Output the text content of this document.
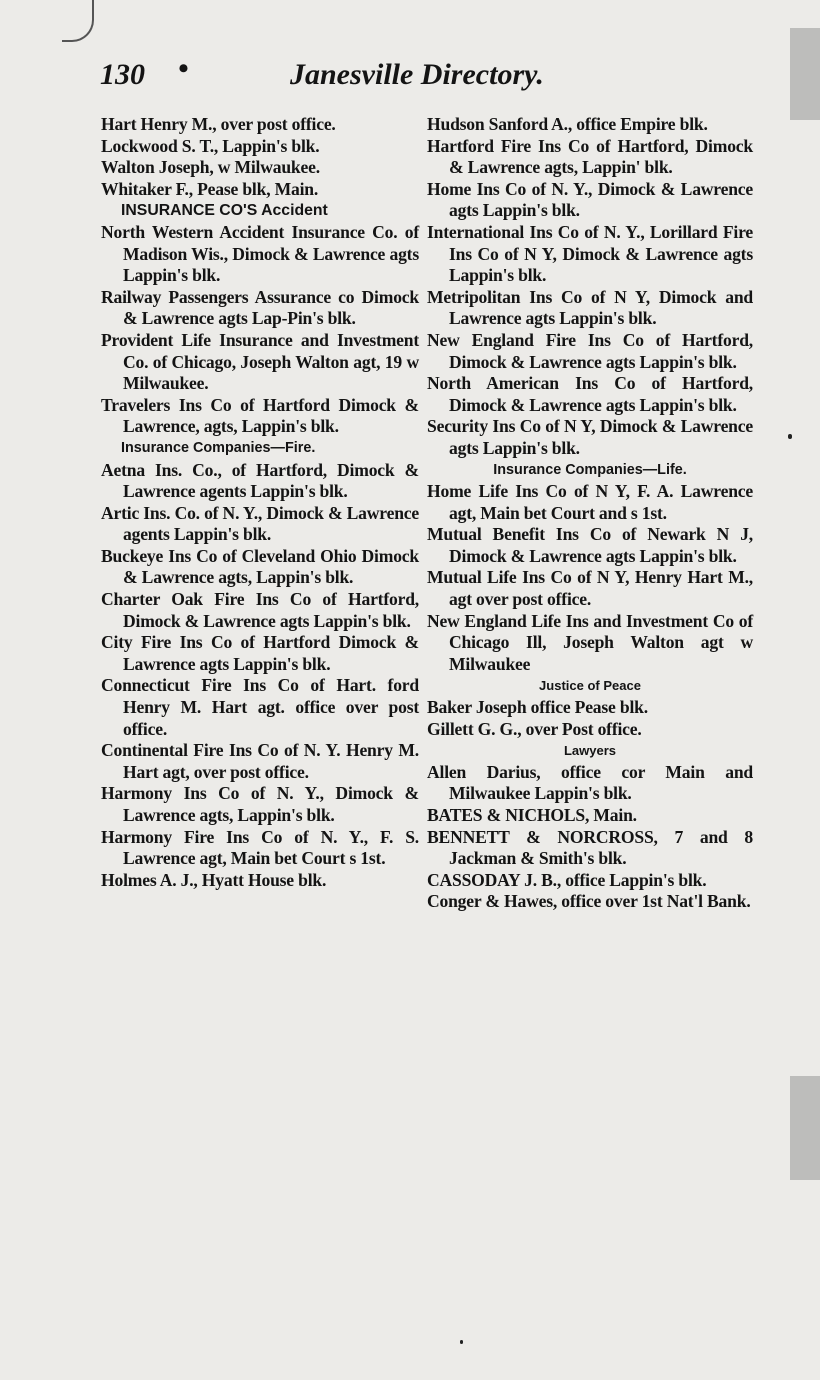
130 •	Janesville Directory.
Hart Henry M., over post office.
Lockwood S. T., Lappin's blk.
Walton Joseph, w Milwaukee.
Whitaker F., Pease blk, Main.
INSURANCE CO'S Accident
North Western Accident Insurance Co. of Madison Wis., Dimock & Lawrence agts Lappin's blk.
Railway Passengers Assurance co Dimock & Lawrence agts Lap-Pin's blk.
Provident Life Insurance and Investment Co. of Chicago, Joseph Walton agt, 19 w Milwaukee.
Travelers Ins Co of Hartford Dimock & Lawrence, agts, Lappin's blk.
Insurance Companies—Fire.
Aetna Ins. Co., of Hartford, Dimock & Lawrence agents Lappin's blk.
Artic Ins. Co. of N. Y., Dimock & Lawrence agents Lappin's blk.
Buckeye Ins Co of Cleveland Ohio Dimock & Lawrence agts, Lappin's blk.
Charter Oak Fire Ins Co of Hartford, Dimock & Lawrence agts Lappin's blk.
City Fire Ins Co of Hartford Dimock & Lawrence agts Lappin's blk.
Connecticut Fire Ins Co of Hart. ford Henry M. Hart agt. office over post office.
Continental Fire Ins Co of N. Y. Henry M. Hart agt, over post office.
Harmony Ins Co of N. Y., Dimock & Lawrence agts, Lappin's blk.
Harmony Fire Ins Co of N. Y., F. S. Lawrence agt, Main bet Court s 1st.
Holmes A. J., Hyatt House blk.
Hudson Sanford A., office Empire blk.
Hartford Fire Ins Co of Hartford, Dimock & Lawrence agts, Lappin' blk.
Home Ins Co of N. Y., Dimock & Lawrence agts Lappin's blk.
International Ins Co of N. Y., Lorillard Fire Ins Co of N Y, Dimock & Lawrence agts Lappin's blk.
Metripolitan Ins Co of N Y, Dimock and Lawrence agts Lappin's blk.
New England Fire Ins Co of Hartford, Dimock & Lawrence agts Lappin's blk.
North American Ins Co of Hartford, Dimock & Lawrence agts Lappin's blk.
Security Ins Co of N Y, Dimock & Lawrence agts Lappin's blk.
Insurance Companies—Life.
Home Life Ins Co of N Y, F. A. Lawrence agt, Main bet Court and s 1st.
Mutual Benefit Ins Co of Newark N J, Dimock & Lawrence agts Lappin's blk.
Mutual Life Ins Co of N Y, Henry Hart M., agt over post office.
New England Life Ins and Investment Co of Chicago Ill, Joseph Walton agt w Milwaukee
Justice of Peace
Baker Joseph office Pease blk.
Gillett G. G., over Post office.
Lawyers
Allen Darius, office cor Main and Milwaukee Lappin's blk.
BATES & NICHOLS, Main.
BENNETT & NORCROSS, 7 and 8 Jackman & Smith's blk.
CASSODAY J. B., office Lappin's blk.
Conger & Hawes, office over 1st Nat'l Bank.
